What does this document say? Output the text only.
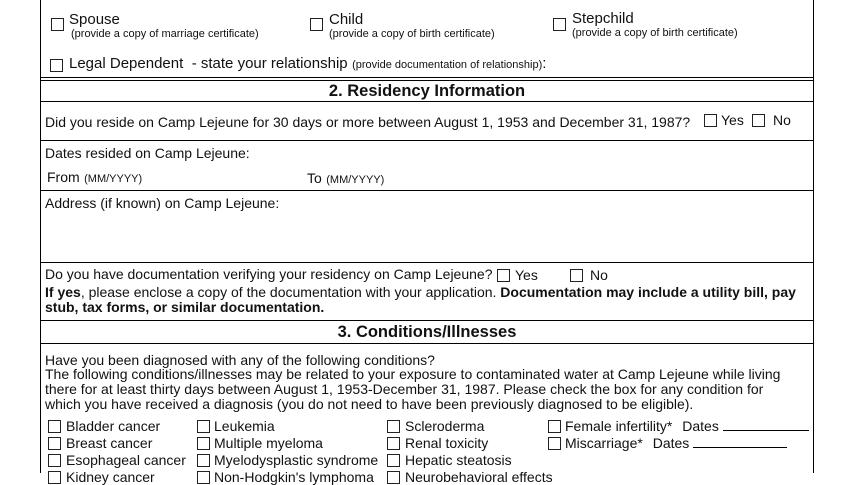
Spouse
(provide a copy of marriage certificate)
Child
(provide a copy of birth certificate)
Stepchild
(provide a copy of birth certificate)
Legal Dependent - state your relationship (provide documentation of relationship):
2. Residency Information
Did you reside on Camp Lejeune for 30 days or more between August 1, 1953 and December 31, 1987? Yes No
Dates resided on Camp Lejeune:
From (MM/YYYY)	To (MM/YYYY)
Address (if known) on Camp Lejeune:
Do you have documentation verifying your residency on Camp Lejeune? Yes	No
If yes, please enclose a copy of the documentation with your application. Documentation may include a utility bill, pay stub, tax forms, or similar documentation.
3. Conditions/Illnesses
Have you been diagnosed with any of the following conditions?
The following conditions/illnesses may be related to your exposure to contaminated water at Camp Lejeune while living there for at least thirty days between August 1, 1953-December 31, 1987. Please check the box for any condition for which you have received a diagnosis (you do not need to have been previously diagnosed to be eligible).
Bladder cancer
Breast cancer
Esophageal cancer
Kidney cancer
Leukemia
Multiple myeloma
Myelodysplastic syndrome
Non-Hodgkin's lymphoma
Scleroderma
Renal toxicity
Hepatic steatosis
Neurobehavioral effects
Female infertility* Dates
Miscarriage* Dates
